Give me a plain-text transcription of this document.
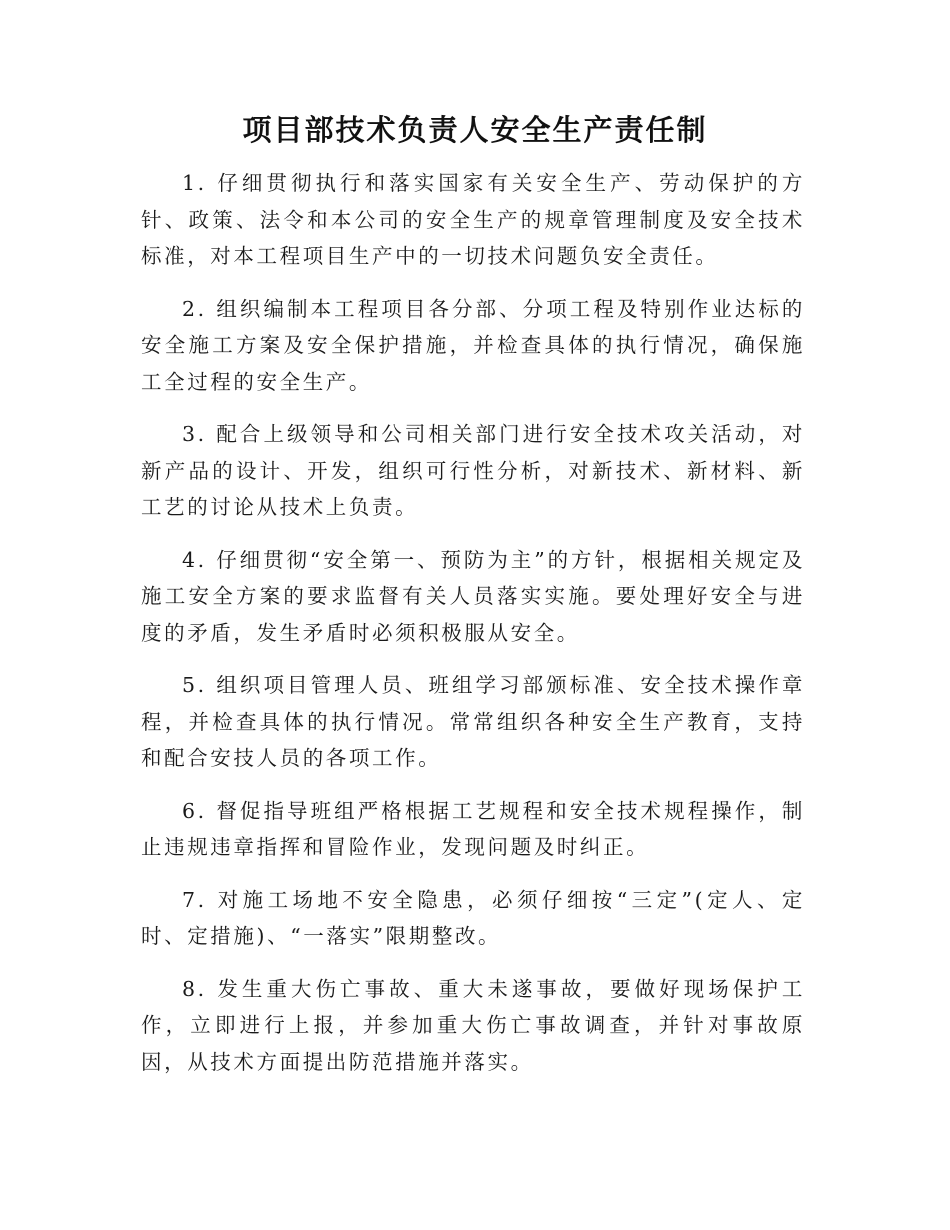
项目部技术负责人安全生产责任制

1. 仔细贯彻执行和落实国家有关安全生产、劳动保护的方针、政策、法令和本公司的安全生产的规章管理制度及安全技术标准，对本工程项目生产中的一切技术问题负安全责任。

2. 组织编制本工程项目各分部、分项工程及特别作业达标的安全施工方案及安全保护措施，并检查具体的执行情况，确保施工全过程的安全生产。

3. 配合上级领导和公司相关部门进行安全技术攻关活动，对新产品的设计、开发，组织可行性分析，对新技术、新材料、新工艺的讨论从技术上负责。

4. 仔细贯彻“安全第一、预防为主”的方针，根据相关规定及施工安全方案的要求监督有关人员落实实施。要处理好安全与进度的矛盾，发生矛盾时必须积极服从安全。

5. 组织项目管理人员、班组学习部颁标准、安全技术操作章程，并检查具体的执行情况。常常组织各种安全生产教育，支持和配合安技人员的各项工作。

6. 督促指导班组严格根据工艺规程和安全技术规程操作，制止违规违章指挥和冒险作业，发现问题及时纠正。

7. 对施工场地不安全隐患，必须仔细按“三定”(定人、定时、定措施)、“一落实”限期整改。

8. 发生重大伤亡事故、重大未遂事故，要做好现场保护工作，立即进行上报，并参加重大伤亡事故调查，并针对事故原因，从技术方面提出防范措施并落实。
